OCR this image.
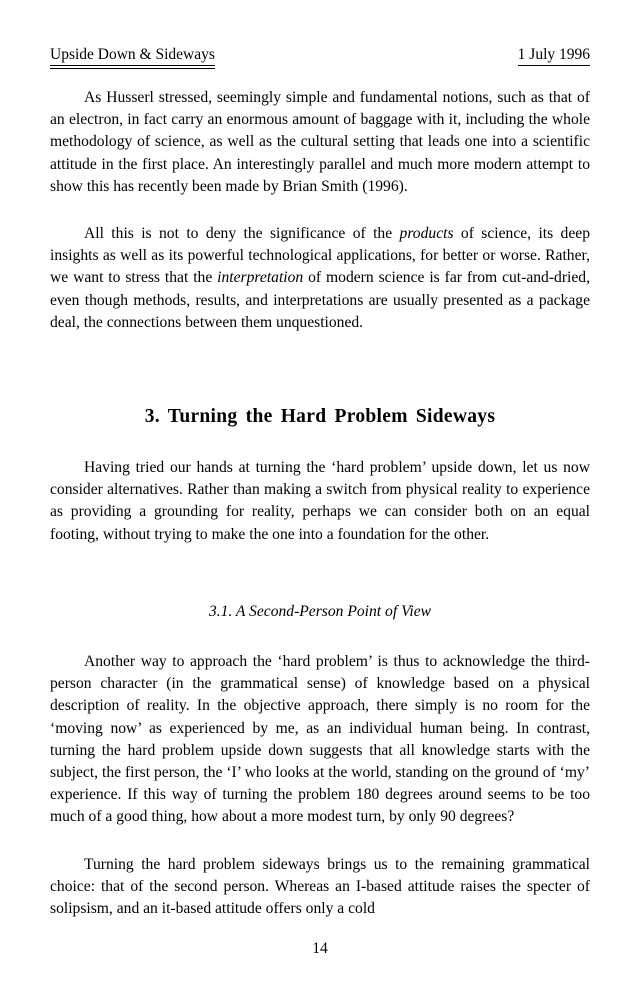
Upside Down & Sideways	1 July 1996

As Husserl stressed, seemingly simple and fundamental notions, such as that of an electron, in fact carry an enormous amount of baggage with it, including the whole methodology of science, as well as the cultural setting that leads one into a scientific attitude in the first place. An interestingly parallel and much more modern attempt to show this has recently been made by Brian Smith (1996).

All this is not to deny the significance of the products of science, its deep insights as well as its powerful technological applications, for better or worse. Rather, we want to stress that the interpretation of modern science is far from cut-and-dried, even though methods, results, and interpretations are usually presented as a package deal, the connections between them unquestioned.

3. Turning the Hard Problem Sideways

Having tried our hands at turning the ‘hard problem’ upside down, let us now consider alternatives. Rather than making a switch from physical reality to experience as providing a grounding for reality, perhaps we can consider both on an equal footing, without trying to make the one into a foundation for the other.

3.1. A Second-Person Point of View

Another way to approach the ‘hard problem’ is thus to acknowledge the third-person character (in the grammatical sense) of knowledge based on a physical description of reality. In the objective approach, there simply is no room for the ‘moving now’ as experienced by me, as an individual human being. In contrast, turning the hard problem upside down suggests that all knowledge starts with the subject, the first person, the ‘I’ who looks at the world, standing on the ground of ‘my’ experience. If this way of turning the problem 180 degrees around seems to be too much of a good thing, how about a more modest turn, by only 90 degrees?

Turning the hard problem sideways brings us to the remaining grammatical choice: that of the second person. Whereas an I-based attitude raises the specter of solipsism, and an it-based attitude offers only a cold

14
